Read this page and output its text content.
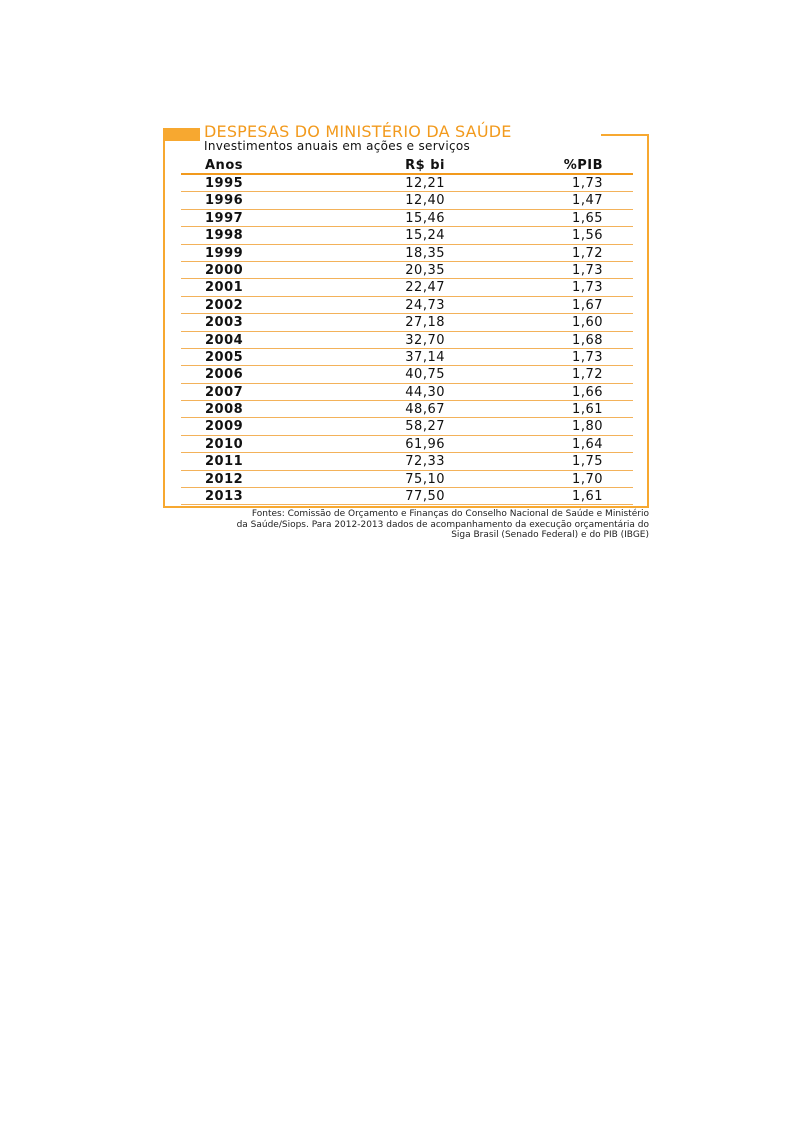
DESPESAS DO MINISTÉRIO DA SAÚDE
Investimentos anuais em ações e serviços
Anos	R$ bi	%PIB
1995	12,21	1,73
1996	12,40	1,47
1997	15,46	1,65
1998	15,24	1,56
1999	18,35	1,72
2000	20,35	1,73
2001	22,47	1,73
2002	24,73	1,67
2003	27,18	1,60
2004	32,70	1,68
2005	37,14	1,73
2006	40,75	1,72
2007	44,30	1,66
2008	48,67	1,61
2009	58,27	1,80
2010	61,96	1,64
2011	72,33	1,75
2012	75,10	1,70
2013	77,50	1,61
Fontes: Comissão de Orçamento e Finanças do Conselho Nacional de Saúde e Ministério
da Saúde/Siops. Para 2012-2013 dados de acompanhamento da execução orçamentária do
Siga Brasil (Senado Federal) e do PIB (IBGE)
